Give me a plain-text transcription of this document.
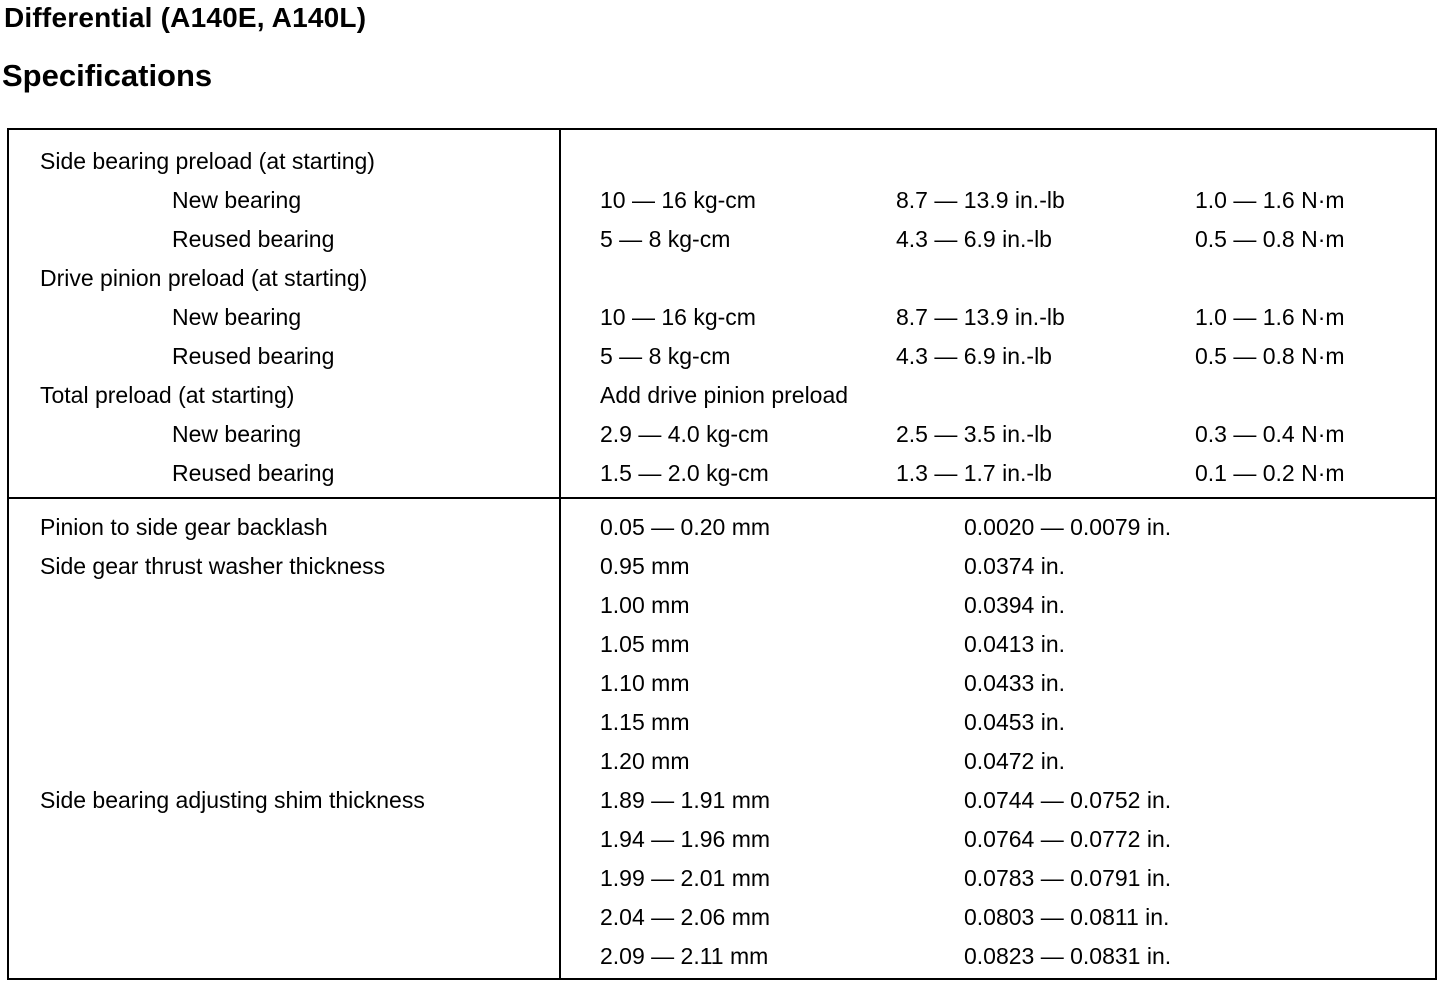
Differential (A140E, A140L)
Specifications
Side bearing preload (at starting)
New bearing	10 — 16 kg-cm	8.7 — 13.9 in.-lb	1.0 — 1.6 N·m
Reused bearing	5 — 8 kg-cm	4.3 — 6.9 in.-lb	0.5 — 0.8 N·m
Drive pinion preload (at starting)
New bearing	10 — 16 kg-cm	8.7 — 13.9 in.-lb	1.0 — 1.6 N·m
Reused bearing	5 — 8 kg-cm	4.3 — 6.9 in.-lb	0.5 — 0.8 N·m
Total preload (at starting)	Add drive pinion preload
New bearing	2.9 — 4.0 kg-cm	2.5 — 3.5 in.-lb	0.3 — 0.4 N·m
Reused bearing	1.5 — 2.0 kg-cm	1.3 — 1.7 in.-lb	0.1 — 0.2 N·m
Pinion to side gear backlash	0.05 — 0.20 mm	0.0020 — 0.0079 in.
Side gear thrust washer thickness	0.95 mm	0.0374 in.
1.00 mm	0.0394 in.
1.05 mm	0.0413 in.
1.10 mm	0.0433 in.
1.15 mm	0.0453 in.
1.20 mm	0.0472 in.
Side bearing adjusting shim thickness	1.89 — 1.91 mm	0.0744 — 0.0752 in.
1.94 — 1.96 mm	0.0764 — 0.0772 in.
1.99 — 2.01 mm	0.0783 — 0.0791 in.
2.04 — 2.06 mm	0.0803 — 0.0811 in.
2.09 — 2.11 mm	0.0823 — 0.0831 in.
